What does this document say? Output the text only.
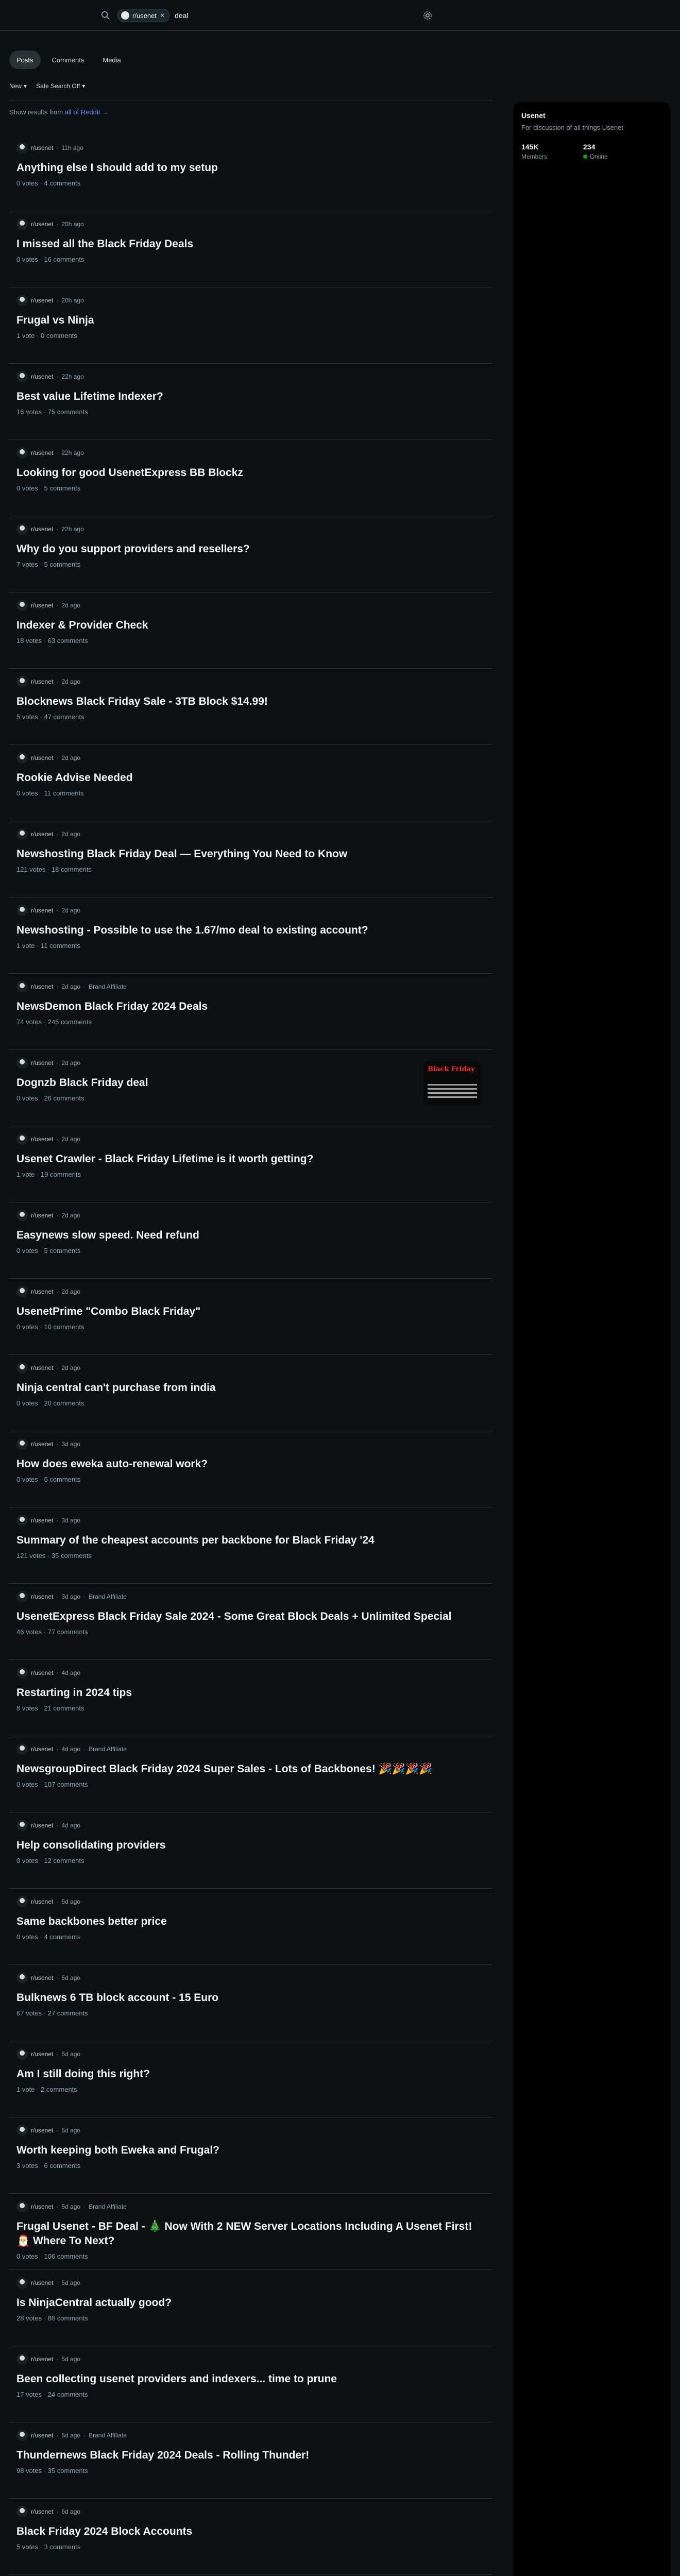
r/usenet ✕ deal
Posts	Comments	Media
New ▾ Safe Search Off ▾
Show results from all of Reddit →
r/usenet · 11h ago
Anything else I should add to my setup
0 votes · 4 comments
r/usenet · 20h ago
I missed all the Black Friday Deals
0 votes · 16 comments
r/usenet · 20h ago
Frugal vs Ninja
1 vote · 0 comments
r/usenet · 22h ago
Best value Lifetime Indexer?
16 votes · 75 comments
r/usenet · 22h ago
Looking for good UsenetExpress BB Blockz
0 votes · 5 comments
r/usenet · 22h ago
Why do you support providers and resellers?
7 votes · 5 comments
r/usenet · 2d ago
Indexer & Provider Check
18 votes · 63 comments
r/usenet · 2d ago
Blocknews Black Friday Sale - 3TB Block $14.99!
5 votes · 47 comments
r/usenet · 2d ago
Rookie Advise Needed
0 votes · 11 comments
r/usenet · 2d ago
Newshosting Black Friday Deal — Everything You Need to Know
121 votes · 18 comments
r/usenet · 2d ago
Newshosting - Possible to use the 1.67/mo deal to existing account?
1 vote · 11 comments
r/usenet · 2d ago · Brand Affiliate
NewsDemon Black Friday 2024 Deals
74 votes · 245 comments
r/usenet · 2d ago
Dognzb Black Friday deal
0 votes · 26 comments
Black Friday
r/usenet · 2d ago
Usenet Crawler - Black Friday Lifetime is it worth getting?
1 vote · 19 comments
r/usenet · 2d ago
Easynews slow speed. Need refund
0 votes · 5 comments
r/usenet · 2d ago
UsenetPrime "Combo Black Friday"
0 votes · 10 comments
r/usenet · 2d ago
Ninja central can't purchase from india
0 votes · 20 comments
r/usenet · 3d ago
How does eweka auto-renewal work?
0 votes · 6 comments
r/usenet · 3d ago
Summary of the cheapest accounts per backbone for Black Friday '24
121 votes · 35 comments
r/usenet · 3d ago · Brand Affiliate
UsenetExpress Black Friday Sale 2024 - Some Great Block Deals + Unlimited Special
46 votes · 77 comments
r/usenet · 4d ago
Restarting in 2024 tips
8 votes · 21 comments
r/usenet · 4d ago · Brand Affiliate
NewsgroupDirect Black Friday 2024 Super Sales - Lots of Backbones! 🎉🎉🎉🎉
0 votes · 107 comments
r/usenet · 4d ago
Help consolidating providers
0 votes · 12 comments
r/usenet · 5d ago
Same backbones better price
0 votes · 4 comments
r/usenet · 5d ago
Bulknews 6 TB block account - 15 Euro
67 votes · 27 comments
r/usenet · 5d ago
Am I still doing this right?
1 vote · 2 comments
r/usenet · 5d ago
Worth keeping both Eweka and Frugal?
3 votes · 6 comments
r/usenet · 5d ago · Brand Affiliate
Frugal Usenet - BF Deal - 🎄 Now With 2 NEW Server Locations Including A Usenet First! 🎅 Where To Next?
0 votes · 106 comments
r/usenet · 5d ago
Is NinjaCentral actually good?
28 votes · 86 comments
r/usenet · 5d ago
Been collecting usenet providers and indexers... time to prune
17 votes · 24 comments
r/usenet · 5d ago · Brand Affiliate
Thundernews Black Friday 2024 Deals - Rolling Thunder!
98 votes · 35 comments
r/usenet · 6d ago
Black Friday 2024 Block Accounts
5 votes · 3 comments
Usenet
For discussion of all things Usenet
145K
Members
234
Online
